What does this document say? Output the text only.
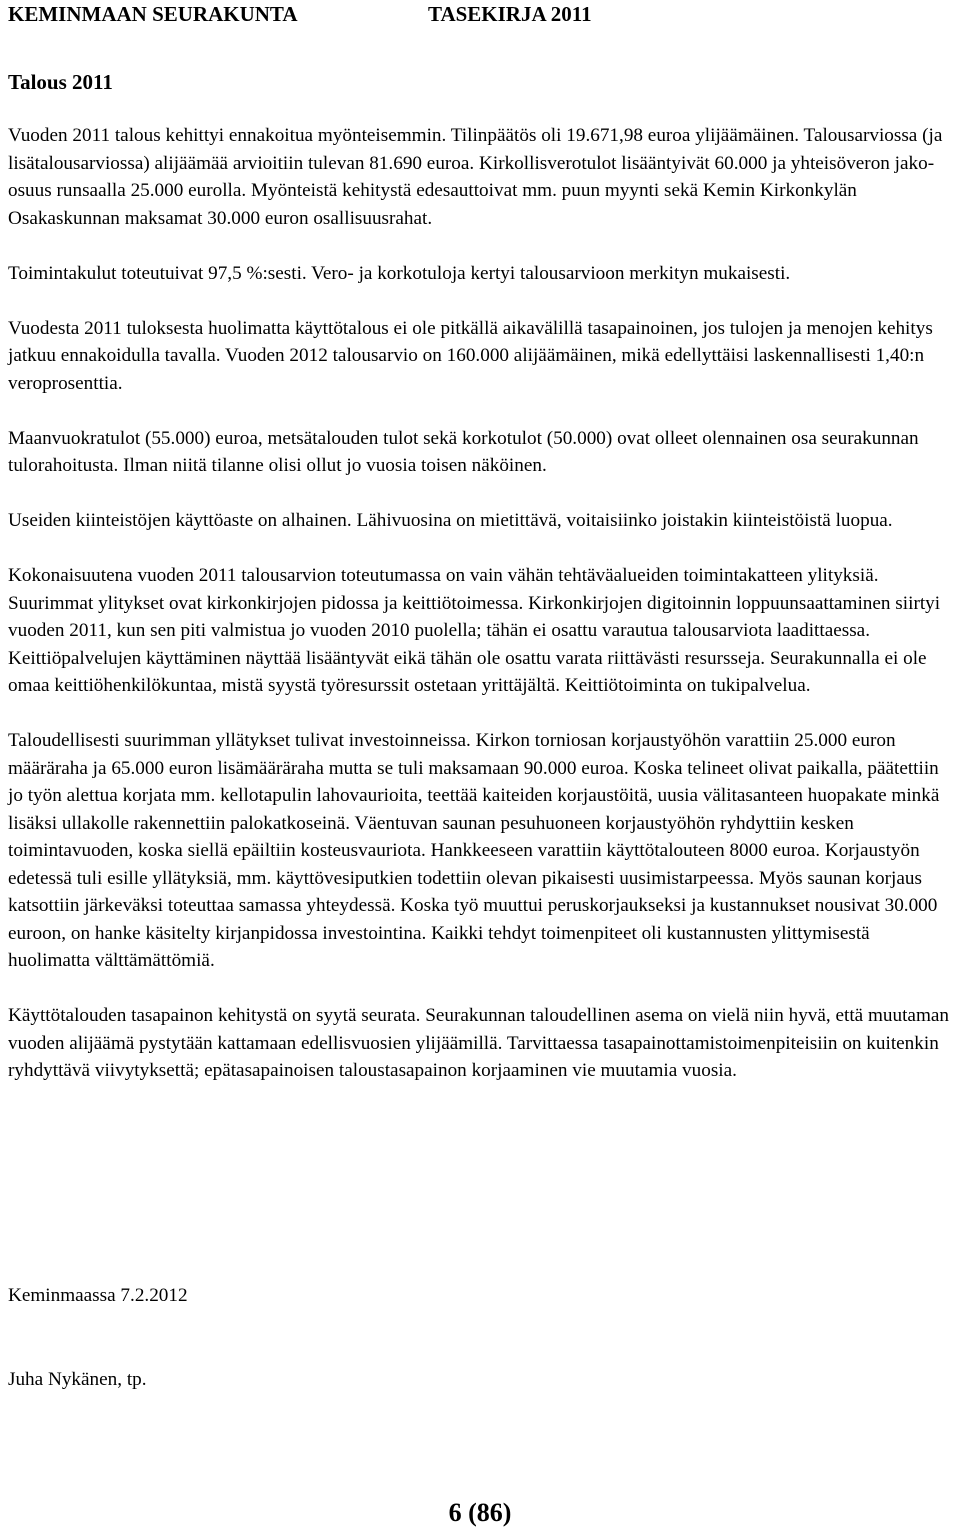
KEMINMAAN SEURAKUNTA	TASEKIRJA 2011
Talous 2011

Vuoden 2011 talous kehittyi ennakoitua myönteisemmin. Tilinpäätös oli 19.671,98 euroa ylijäämäinen. Talousarviossa (ja lisätalousarviossa) alijäämää arvioitiin tulevan 81.690 euroa. Kirkollisverotulot lisääntyivät 60.000 ja yhteisöveron jako-osuus runsaalla 25.000 eurolla. Myönteistä kehitystä edesauttoivat mm. puun myynti sekä Kemin Kirkonkylän Osakaskunnan maksamat 30.000 euron osallisuusrahat.

Toimintakulut toteutuivat 97,5 %:sesti. Vero- ja korkotuloja kertyi talousarvioon merkityn mukaisesti.

Vuodesta 2011 tuloksesta huolimatta käyttötalous ei ole pitkällä aikavälillä tasapainoinen, jos tulojen ja menojen kehitys jatkuu ennakoidulla tavalla. Vuoden 2012 talousarvio on 160.000 alijäämäinen, mikä edellyttäisi laskennallisesti 1,40:n veroprosenttia.

Maanvuokratulot (55.000) euroa, metsätalouden tulot sekä korkotulot (50.000) ovat olleet olennainen osa seurakunnan tulorahoitusta. Ilman niitä tilanne olisi ollut jo vuosia toisen näköinen.

Useiden kiinteistöjen käyttöaste on alhainen. Lähivuosina on mietittävä, voitaisiinko joistakin kiinteistöistä luopua.

Kokonaisuutena vuoden 2011 talousarvion toteutumassa on vain vähän tehtäväalueiden toimintakatteen ylityksiä. Suurimmat ylitykset ovat kirkonkirjojen pidossa ja keittiötoimessa. Kirkonkirjojen digitoinnin loppuunsaattaminen siirtyi vuoden 2011, kun sen piti valmistua jo vuoden 2010 puolella; tähän ei osattu varautua talousarviota laadittaessa. Keittiöpalvelujen käyttäminen näyttää lisääntyvät eikä tähän ole osattu varata riittävästi resursseja. Seurakunnalla ei ole omaa keittiöhenkilökuntaa, mistä syystä työresurssit ostetaan yrittäjältä. Keittiötoiminta on tukipalvelua.

Taloudellisesti suurimman yllätykset tulivat investoinneissa. Kirkon torniosan korjaustyöhön varattiin 25.000 euron määräraha ja 65.000 euron lisämääräraha mutta se tuli maksamaan 90.000 euroa. Koska telineet olivat paikalla, päätettiin jo työn alettua korjata mm. kellotapulin lahovaurioita, teettää kaiteiden korjaustöitä, uusia välitasanteen huopakate minkä lisäksi ullakolle rakennettiin palokatkoseinä. Väentuvan saunan pesuhuoneen korjaustyöhön ryhdyttiin kesken toimintavuoden, koska siellä epäiltiin kosteusvauriota. Hankkeeseen varattiin käyttötalouteen 8000 euroa. Korjaustyön edetessä tuli esille yllätyksiä, mm. käyttövesiputkien todettiin olevan pikaisesti uusimistarpeessa. Myös saunan korjaus katsottiin järkeväksi toteuttaa samassa yhteydessä. Koska työ muuttui peruskorjaukseksi ja kustannukset nousivat 30.000 euroon, on hanke käsitelty kirjanpidossa investointina. Kaikki tehdyt toimenpiteet oli kustannusten ylittymisestä huolimatta välttämättömiä.

Käyttötalouden tasapainon kehitystä on syytä seurata. Seurakunnan taloudellinen asema on vielä niin hyvä, että muutaman vuoden alijäämä pystytään kattamaan edellisvuosien ylijäämillä. Tarvittaessa tasapainottamistoimenpiteisiin on kuitenkin ryhdyttävä viivytyksettä; epätasapainoisen taloustasapainon korjaaminen vie muutamia vuosia.

Keminmaassa 7.2.2012
Juha Nykänen, tp.
6 (86)
